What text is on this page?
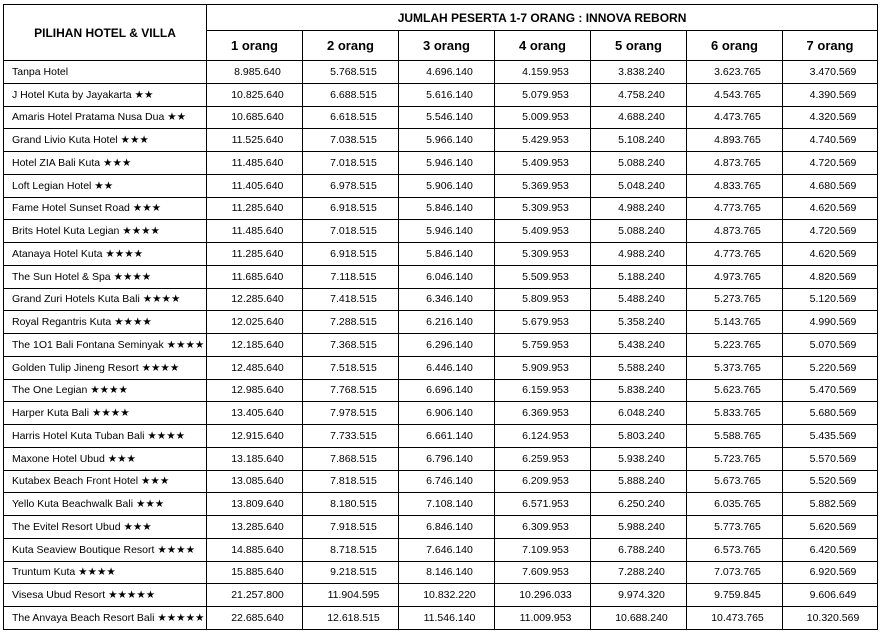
PILIHAN HOTEL & VILLA	JUMLAH PESERTA 1-7 ORANG : INNOVA REBORN						
	1 orang	2 orang	3 orang	4 orang	5 orang	6 orang	7 orang
Tanpa Hotel	8.985.640	5.768.515	4.696.140	4.159.953	3.838.240	3.623.765	3.470.569
J Hotel Kuta by Jayakarta ★★	10.825.640	6.688.515	5.616.140	5.079.953	4.758.240	4.543.765	4.390.569
Amaris Hotel Pratama Nusa Dua ★★	10.685.640	6.618.515	5.546.140	5.009.953	4.688.240	4.473.765	4.320.569
Grand Livio Kuta Hotel ★★★	11.525.640	7.038.515	5.966.140	5.429.953	5.108.240	4.893.765	4.740.569
Hotel ZIA Bali Kuta ★★★	11.485.640	7.018.515	5.946.140	5.409.953	5.088.240	4.873.765	4.720.569
Loft Legian Hotel ★★	11.405.640	6.978.515	5.906.140	5.369.953	5.048.240	4.833.765	4.680.569
Fame Hotel Sunset Road ★★★	11.285.640	6.918.515	5.846.140	5.309.953	4.988.240	4.773.765	4.620.569
Brits Hotel Kuta Legian ★★★★	11.485.640	7.018.515	5.946.140	5.409.953	5.088.240	4.873.765	4.720.569
Atanaya Hotel Kuta ★★★★	11.285.640	6.918.515	5.846.140	5.309.953	4.988.240	4.773.765	4.620.569
The Sun Hotel & Spa ★★★★	11.685.640	7.118.515	6.046.140	5.509.953	5.188.240	4.973.765	4.820.569
Grand Zuri Hotels Kuta Bali ★★★★	12.285.640	7.418.515	6.346.140	5.809.953	5.488.240	5.273.765	5.120.569
Royal Regantris Kuta ★★★★	12.025.640	7.288.515	6.216.140	5.679.953	5.358.240	5.143.765	4.990.569
The 1O1 Bali Fontana Seminyak ★★★★	12.185.640	7.368.515	6.296.140	5.759.953	5.438.240	5.223.765	5.070.569
Golden Tulip Jineng Resort ★★★★	12.485.640	7.518.515	6.446.140	5.909.953	5.588.240	5.373.765	5.220.569
The One Legian ★★★★	12.985.640	7.768.515	6.696.140	6.159.953	5.838.240	5.623.765	5.470.569
Harper Kuta Bali ★★★★	13.405.640	7.978.515	6.906.140	6.369.953	6.048.240	5.833.765	5.680.569
Harris Hotel Kuta Tuban Bali ★★★★	12.915.640	7.733.515	6.661.140	6.124.953	5.803.240	5.588.765	5.435.569
Maxone Hotel Ubud ★★★	13.185.640	7.868.515	6.796.140	6.259.953	5.938.240	5.723.765	5.570.569
Kutabex Beach Front Hotel ★★★	13.085.640	7.818.515	6.746.140	6.209.953	5.888.240	5.673.765	5.520.569
Yello Kuta Beachwalk Bali ★★★	13.809.640	8.180.515	7.108.140	6.571.953	6.250.240	6.035.765	5.882.569
The Evitel Resort Ubud ★★★	13.285.640	7.918.515	6.846.140	6.309.953	5.988.240	5.773.765	5.620.569
Kuta Seaview Boutique Resort ★★★★	14.885.640	8.718.515	7.646.140	7.109.953	6.788.240	6.573.765	6.420.569
Truntum Kuta ★★★★	15.885.640	9.218.515	8.146.140	7.609.953	7.288.240	7.073.765	6.920.569
Visesa Ubud Resort ★★★★★	21.257.800	11.904.595	10.832.220	10.296.033	9.974.320	9.759.845	9.606.649
The Anvaya Beach Resort Bali ★★★★★	22.685.640	12.618.515	11.546.140	11.009.953	10.688.240	10.473.765	10.320.569
